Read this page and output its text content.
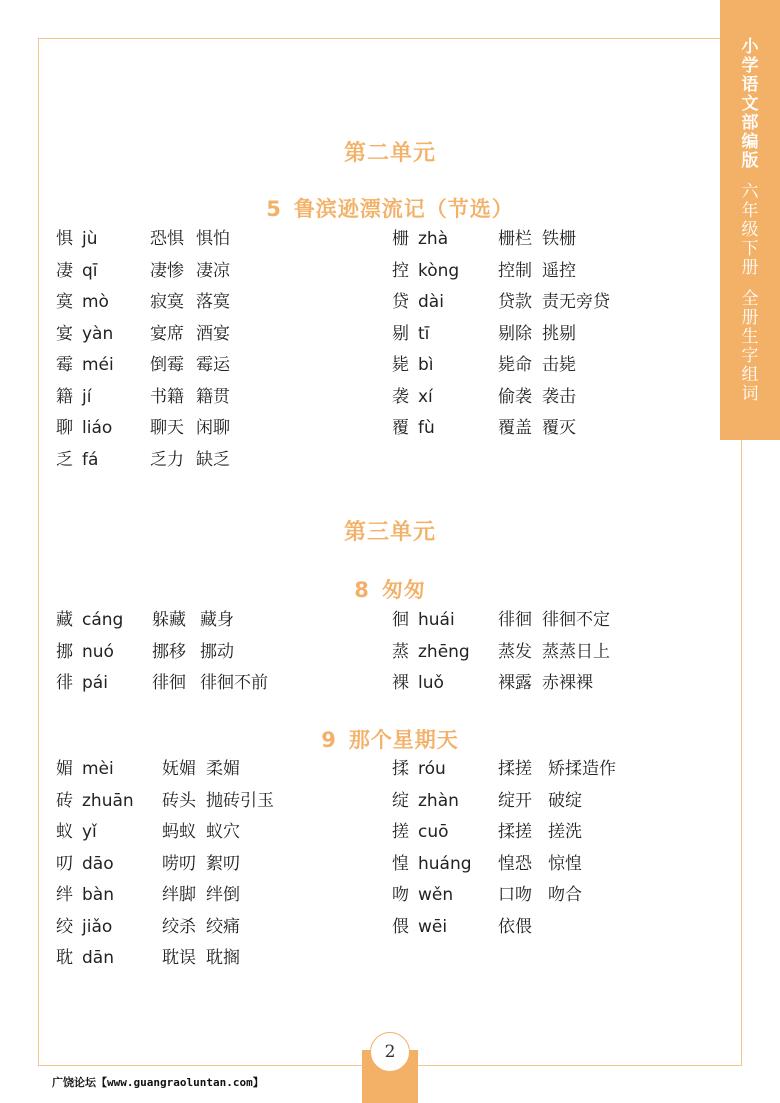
小学语文部编版
六年级下册
全册生字组词
第二单元
5 鲁滨逊漂流记（节选）
第三单元
8 匆匆
9 那个星期天
惧 jù	恐惧 惧怕
凄 qī	凄惨 凄凉
寞 mò 寂寞 落寞
宴 yàn 宴席 酒宴
霉 méi 倒霉 霉运
籍 jí	书籍 籍贯
聊 liáo 聊天 闲聊
乏 fá	乏力 缺乏
栅 zhà	栅栏 铁栅
控 kòng 控制 遥控
贷 dài	贷款 责无旁贷
剔 tī	剔除 挑剔
毙 bì	毙命 击毙
袭 xí	偷袭 袭击
覆 fù	覆盖 覆灭
藏 cáng 躲藏 藏身
挪 nuó 挪移 挪动
徘 pái	徘徊 徘徊不前
徊 huái	徘徊 徘徊不定
蒸 zhēng 蒸发 蒸蒸日上
裸 luǒ	裸露 赤裸裸
媚 mèi	妩媚 柔媚
砖 zhuān 砖头 抛砖引玉
蚁 yǐ	蚂蚁 蚁穴
叨 dāo	唠叨 絮叨
绊 bàn	绊脚 绊倒
绞 jiǎo	绞杀 绞痛
耽 dān	耽误 耽搁
揉 róu	揉搓 矫揉造作
绽 zhàn 绽开 破绽
搓 cuō	揉搓 搓洗
惶 huáng 惶恐 惊惶
吻 wěn	口吻 吻合
偎 wēi	依偎
2
广饶论坛【www.guangraoluntan.com】
